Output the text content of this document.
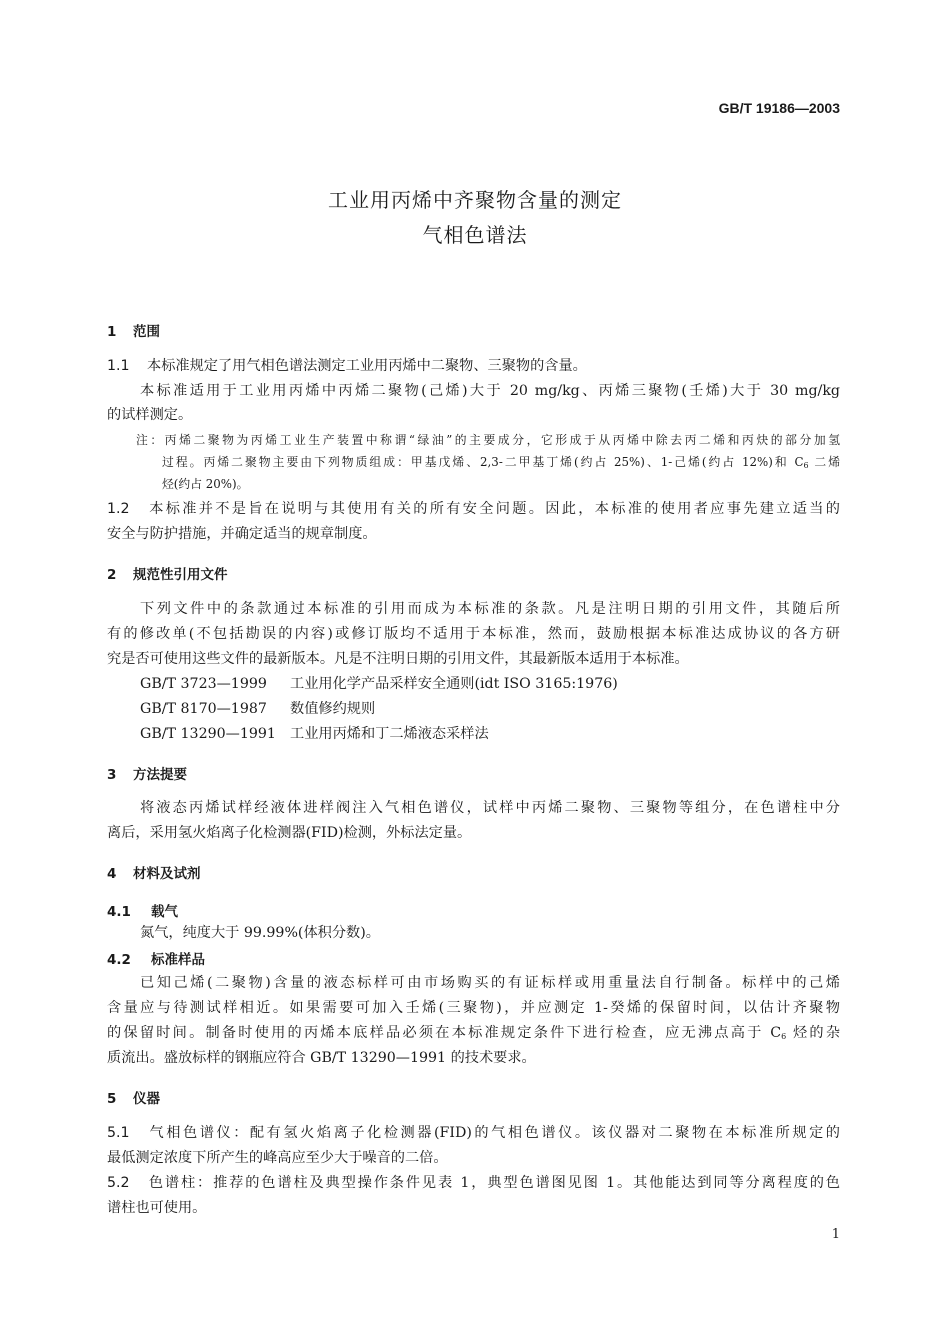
GB/T 19186—2003
工业用丙烯中齐聚物含量的测定
气相色谱法
1 范围
1.1 本标准规定了用气相色谱法测定工业用丙烯中二聚物、三聚物的含量。
本标准适用于工业用丙烯中丙烯二聚物(己烯)大于 20 mg/kg、丙烯三聚物(壬烯)大于 30 mg/kg
的试样测定。
注：丙烯二聚物为丙烯工业生产装置中称谓“绿油”的主要成分，它形成于从丙烯中除去丙二烯和丙炔的部分加氢
过程。丙烯二聚物主要由下列物质组成：甲基戊烯、2,3-二甲基丁烯(约占 25%)、1-己烯(约占 12%)和 $C_6$ 二烯
烃(约占 20%)。
1.2 本标准并不是旨在说明与其使用有关的所有安全问题。因此，本标准的使用者应事先建立适当的
安全与防护措施，并确定适当的规章制度。
2 规范性引用文件
下列文件中的条款通过本标准的引用而成为本标准的条款。凡是注明日期的引用文件，其随后所
有的修改单(不包括勘误的内容)或修订版均不适用于本标准，然而，鼓励根据本标准达成协议的各方研
究是否可使用这些文件的最新版本。凡是不注明日期的引用文件，其最新版本适用于本标准。
GB/T 3723—1999 工业用化学产品采样安全通则(idt ISO 3165:1976)
GB/T 8170—1987 数值修约规则
GB/T 13290—1991 工业用丙烯和丁二烯液态采样法
3 方法提要
将液态丙烯试样经液体进样阀注入气相色谱仪，试样中丙烯二聚物、三聚物等组分，在色谱柱中分
离后，采用氢火焰离子化检测器(FID)检测，外标法定量。
4 材料及试剂
4.1 载气
氮气，纯度大于 99.99%(体积分数)。
4.2 标准样品
已知己烯(二聚物)含量的液态标样可由市场购买的有证标样或用重量法自行制备。标样中的己烯
含量应与待测试样相近。如果需要可加入壬烯(三聚物)，并应测定 1-癸烯的保留时间，以估计齐聚物
的保留时间。制备时使用的丙烯本底样品必须在本标准规定条件下进行检查，应无沸点高于 $C_6$ 烃的杂
质流出。盛放标样的钢瓶应符合 GB/T 13290—1991 的技术要求。
5 仪器
5.1 气相色谱仪：配有氢火焰离子化检测器(FID)的气相色谱仪。该仪器对二聚物在本标准所规定的
最低测定浓度下所产生的峰高应至少大于噪音的二倍。
5.2 色谱柱：推荐的色谱柱及典型操作条件见表 1，典型色谱图见图 1。其他能达到同等分离程度的色
谱柱也可使用。
1
